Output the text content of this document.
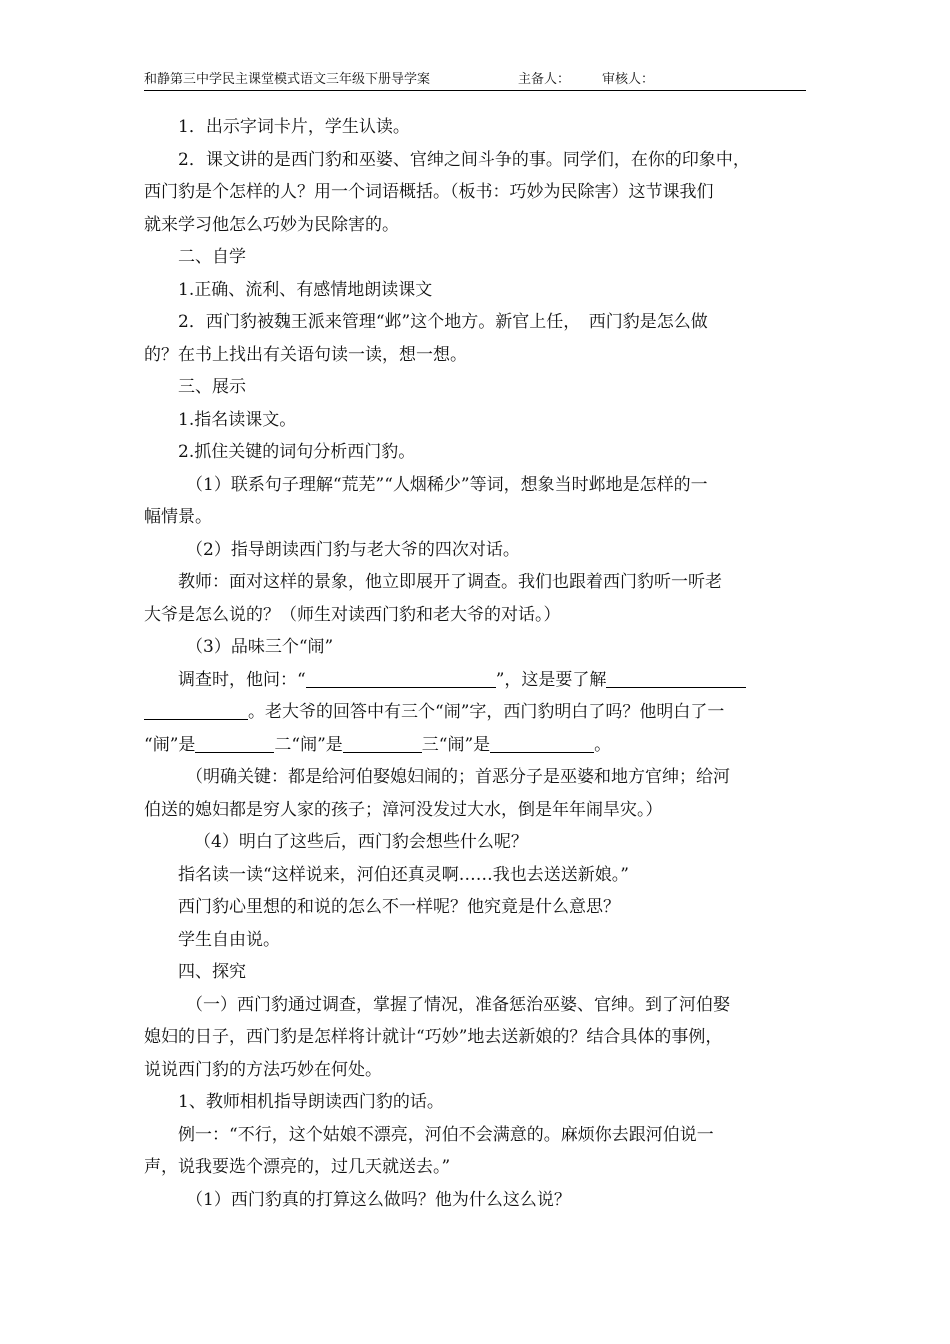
和静第三中学民主课堂模式语文三年级下册导学案	主备人： 审核人：

1．出示字词卡片，学生认读。

2．课文讲的是西门豹和巫婆、官绅之间斗争的事。同学们，在你的印象中，

西门豹是个怎样的人？用一个词语概括。（板书：巧妙为民除害）这节课我们

就来学习他怎么巧妙为民除害的。

二、自学

1.正确、流利、有感情地朗读课文

2．西门豹被魏王派来管理“邺”这个地方。新官上任，　西门豹是怎么做

的？在书上找出有关语句读一读，想一想。

三、展示

1.指名读课文。

2.抓住关键的词句分析西门豹。

（1）联系句子理解“荒芜”“人烟稀少”等词，想象当时邺地是怎样的一

幅情景。

（2）指导朗读西门豹与老大爷的四次对话。

教师：面对这样的景象，他立即展开了调查。我们也跟着西门豹听一听老

大爷是怎么说的？（师生对读西门豹和老大爷的对话。）

（3）品味三个“闹”

调查时，他问：“	”，这是要了解

。老大爷的回答中有三个“闹”字，西门豹明白了吗？他明白了一

“闹”是	二“闹”是	三“闹”是	。

（明确关键：都是给河伯娶媳妇闹的；首恶分子是巫婆和地方官绅；给河

伯送的媳妇都是穷人家的孩子；漳河没发过大水，倒是年年闹旱灾。）

（4）明白了这些后，西门豹会想些什么呢？

指名读一读“这样说来，河伯还真灵啊……我也去送送新娘。”

西门豹心里想的和说的怎么不一样呢？他究竟是什么意思？

学生自由说。

四、探究

（一）西门豹通过调查，掌握了情况，准备惩治巫婆、官绅。到了河伯娶

媳妇的日子，西门豹是怎样将计就计“巧妙”地去送新娘的？结合具体的事例，

说说西门豹的方法巧妙在何处。

1、教师相机指导朗读西门豹的话。

例一：“不行，这个姑娘不漂亮，河伯不会满意的。麻烦你去跟河伯说一

声，说我要选个漂亮的，过几天就送去。”

（1）西门豹真的打算这么做吗？他为什么这么说？
